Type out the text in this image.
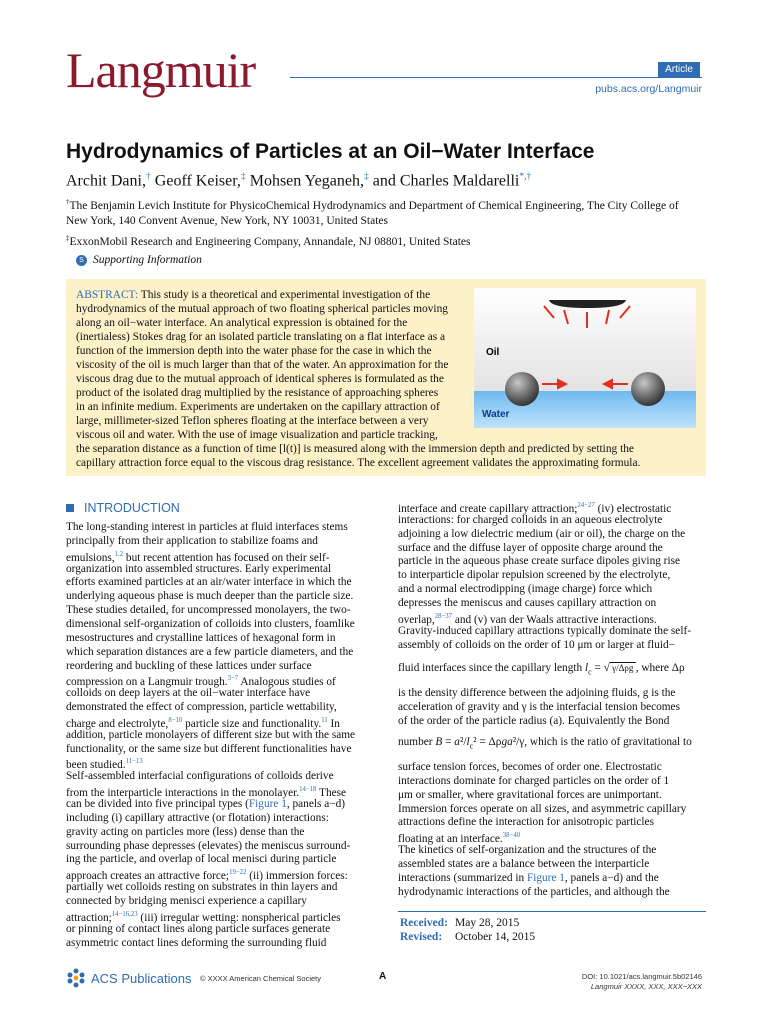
Langmuir	Article
pubs.acs.org/Langmuir
Hydrodynamics of Particles at an Oil−Water Interface
Archit Dani,† Geoff Keiser,‡ Mohsen Yeganeh,‡ and Charles Maldarelli*,†
†The Benjamin Levich Institute for PhysicoChemical Hydrodynamics and Department of Chemical Engineering, The City College of
New York, 140 Convent Avenue, New York, NY 10031, United States
‡ExxonMobil Research and Engineering Company, Annandale, NJ 08801, United States
S Supporting Information
ABSTRACT: This study is a theoretical and experimental investigation of the
hydrodynamics of the mutual approach of two floating spherical particles moving
along an oil−water interface. An analytical expression is obtained for the
(inertialess) Stokes drag for an isolated particle translating on a flat interface as a
function of the immersion depth into the water phase for the case in which the
viscosity of the oil is much larger than that of the water. An approximation for the
viscous drag due to the mutual approach of identical spheres is formulated as the
product of the isolated drag multiplied by the resistance of approaching spheres
in an infinite medium. Experiments are undertaken on the capillary attraction of
large, millimeter-sized Teflon spheres floating at the interface between a very
viscous oil and water. With the use of image visualization and particle tracking,
the separation distance as a function of time [l(t)] is measured along with the immersion depth and predicted by setting the
capillary attraction force equal to the viscous drag resistance. The excellent agreement validates the approximating formula.
Oil
Water
INTRODUCTION
The long-standing interest in particles at fluid interfaces stems
principally from their application to stabilize foams and
emulsions,$^{1,2}$ but recent attention has focused on their self-
organization into assembled structures. Early experimental
efforts examined particles at an air/water interface in which the
underlying aqueous phase is much deeper than the particle size.
These studies detailed, for uncompressed monolayers, the two-
dimensional self-organization of colloids into clusters, foamlike
mesostructures and crystalline lattices of hexagonal form in
which separation distances are a few particle diameters, and the
reordering and buckling of these lattices under surface
compression on a Langmuir trough.$^{3-7}$ Analogous studies of
colloids on deep layers at the oil−water interface have
demonstrated the effect of compression, particle wettability,
charge and electrolyte,$^{8-10}$ particle size and functionality.$^{11}$ In
addition, particle monolayers of different size but with the same
functionality, or the same size but different functionalities have
been studied.$^{11-13}$
Self-assembled interfacial configurations of colloids derive
from the interparticle interactions in the monolayer.$^{14-18}$ These
can be divided into five principal types (Figure 1, panels a−d)
including (i) capillary attractive (or flotation) interactions:
gravity acting on particles more (less) dense than the
surrounding phase depresses (elevates) the meniscus surround-
ing the particle, and overlap of local menisci during particle
approach creates an attractive force;$^{19-22}$ (ii) immersion forces:
partially wet colloids resting on substrates in thin layers and
connected by bridging menisci experience a capillary
attraction;$^{14-16,23}$ (iii) irregular wetting: nonspherical particles
or pinning of contact lines along particle surfaces generate
asymmetric contact lines deforming the surrounding fluid
interface and create capillary attraction;$^{24-27}$ (iv) electrostatic
interactions: for charged colloids in an aqueous electrolyte
adjoining a low dielectric medium (air or oil), the charge on the
surface and the diffuse layer of opposite charge around the
particle in the aqueous phase create surface dipoles giving rise
to interparticle dipolar repulsion screened by the electrolyte,
and a normal electrodipping (image charge) force which
depresses the meniscus and causes capillary attraction on
overlap,$^{28-37}$ and (v) van der Waals attractive interactions.
Gravity-induced capillary attractions typically dominate the self-
assembly of colloids on the order of 10 μm or larger at fluid−
is the density difference between the adjoining fluids, g is the
acceleration of gravity and γ is the interfacial tension becomes
of the order of the particle radius (a). Equivalently the Bond
surface tension forces, becomes of order one. Electrostatic
interactions dominate for charged particles on the order of 1
μm or smaller, where gravitational forces are unimportant.
Immersion forces operate on all sizes, and asymmetric capillary
attractions define the interaction for anisotropic particles
floating at an interface.$^{38-40}$
The kinetics of self-organization and the structures of the
assembled states are a balance between the interparticle
interactions (summarized in Figure 1, panels a−d) and the
hydrodynamic interactions of the particles, and although the
fluid interfaces since the capillary length $l_c$ = √ γ/Δρg , where Δρ
number $B = a^2/l_c^2 = \Delta\rho ga^2/\gamma$, which is the ratio of gravitational to
Received: May 28, 2015
Revised: October 14, 2015
ACS Publications © XXXX American Chemical Society	A	DOI: 10.1021/acs.langmuir.5b02146
Langmuir XXXX, XXX, XXX−XXX
